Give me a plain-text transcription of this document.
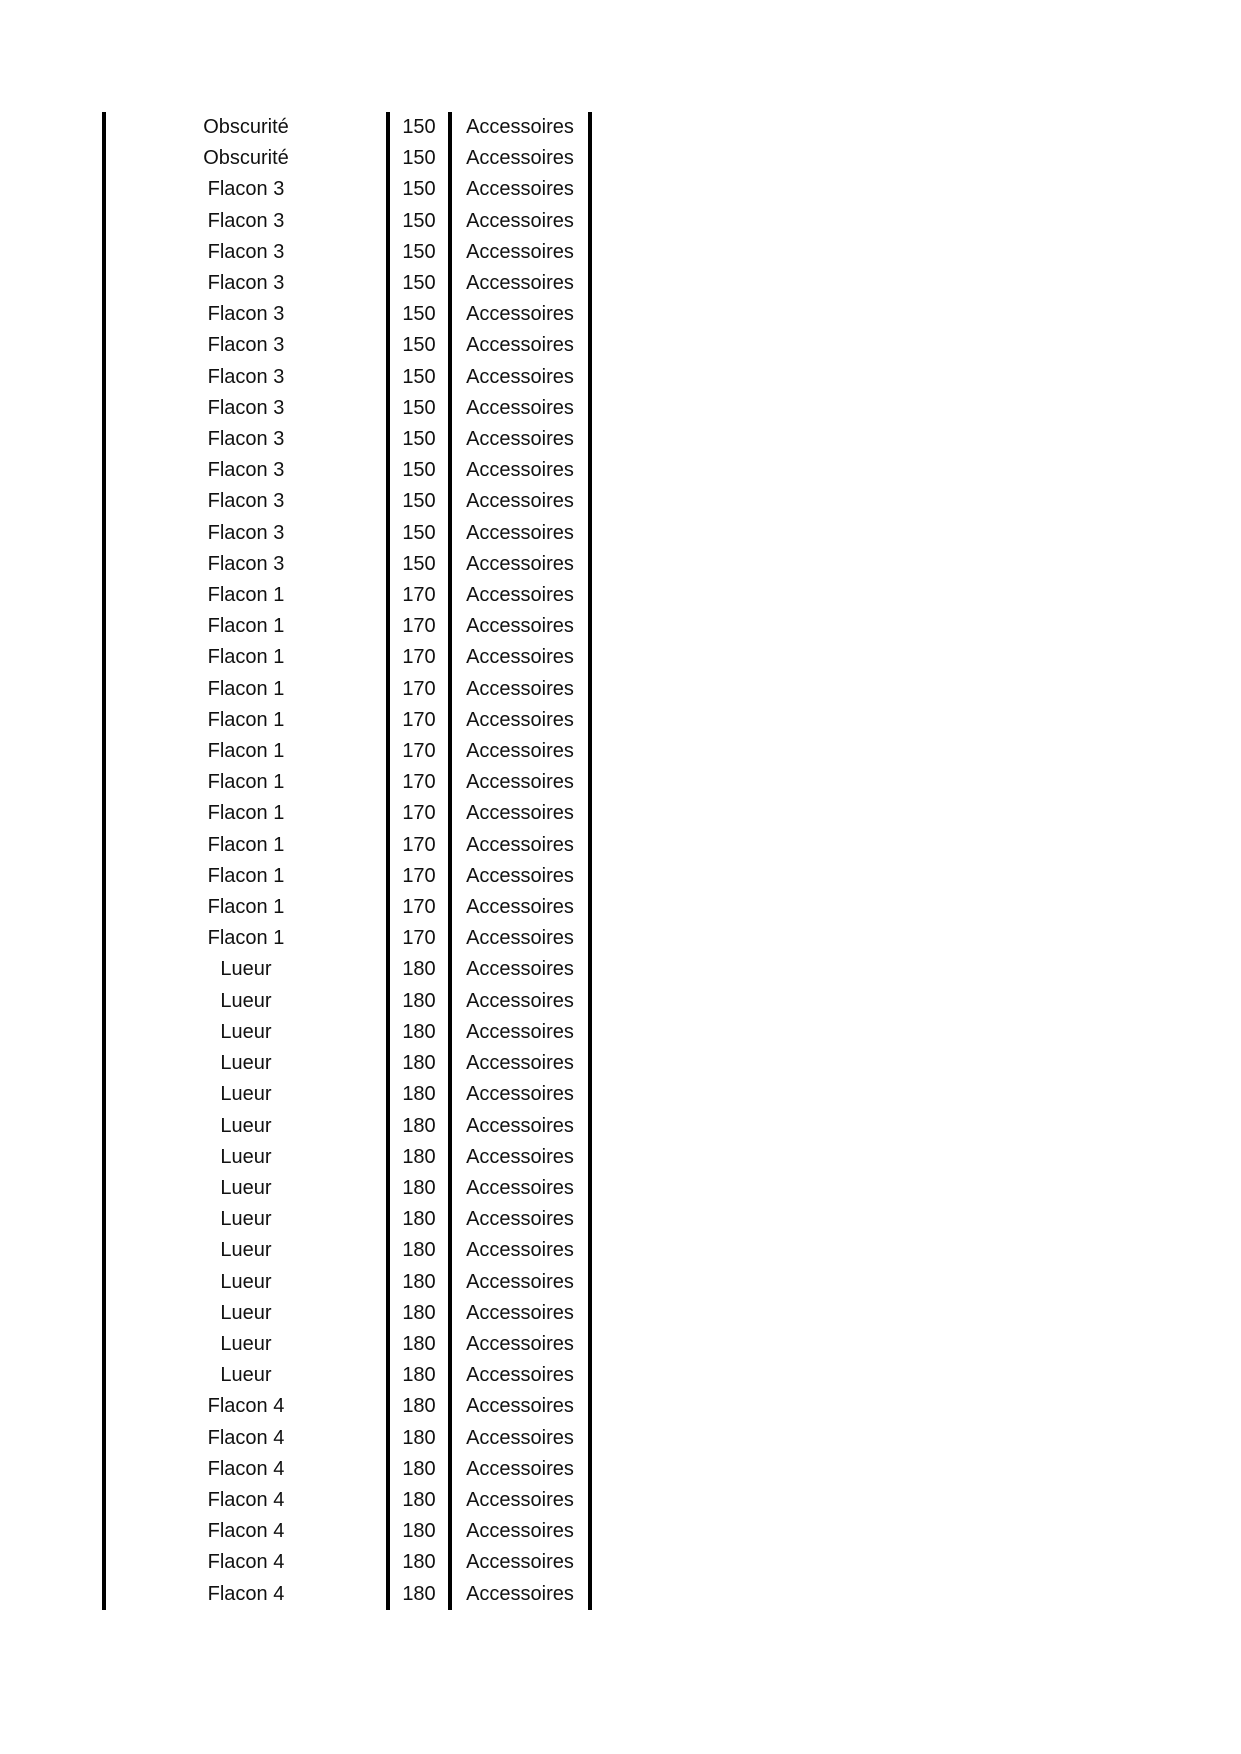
Obscurité	150	Accessoires
Obscurité	150	Accessoires
Flacon 3	150	Accessoires
Flacon 3	150	Accessoires
Flacon 3	150	Accessoires
Flacon 3	150	Accessoires
Flacon 3	150	Accessoires
Flacon 3	150	Accessoires
Flacon 3	150	Accessoires
Flacon 3	150	Accessoires
Flacon 3	150	Accessoires
Flacon 3	150	Accessoires
Flacon 3	150	Accessoires
Flacon 3	150	Accessoires
Flacon 3	150	Accessoires
Flacon 1	170	Accessoires
Flacon 1	170	Accessoires
Flacon 1	170	Accessoires
Flacon 1	170	Accessoires
Flacon 1	170	Accessoires
Flacon 1	170	Accessoires
Flacon 1	170	Accessoires
Flacon 1	170	Accessoires
Flacon 1	170	Accessoires
Flacon 1	170	Accessoires
Flacon 1	170	Accessoires
Flacon 1	170	Accessoires
Lueur	180	Accessoires
Lueur	180	Accessoires
Lueur	180	Accessoires
Lueur	180	Accessoires
Lueur	180	Accessoires
Lueur	180	Accessoires
Lueur	180	Accessoires
Lueur	180	Accessoires
Lueur	180	Accessoires
Lueur	180	Accessoires
Lueur	180	Accessoires
Lueur	180	Accessoires
Lueur	180	Accessoires
Lueur	180	Accessoires
Flacon 4	180	Accessoires
Flacon 4	180	Accessoires
Flacon 4	180	Accessoires
Flacon 4	180	Accessoires
Flacon 4	180	Accessoires
Flacon 4	180	Accessoires
Flacon 4	180	Accessoires
